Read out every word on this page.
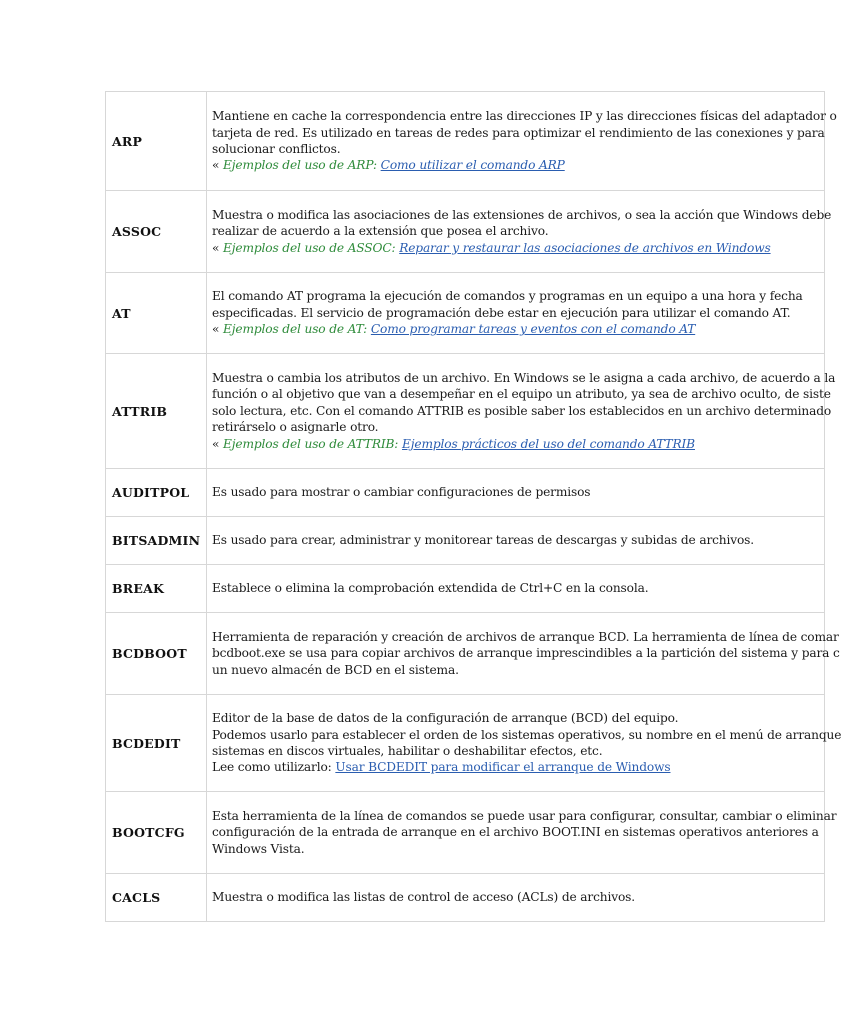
ARP	Mantiene en cache la correspondencia entre las direcciones IP y las direcciones físicas del adaptador o
tarjeta de red. Es utilizado en tareas de redes para optimizar el rendimiento de las conexiones y para
solucionar conflictos.
« Ejemplos del uso de ARP: Como utilizar el comando ARP

ASSOC	Muestra o modifica las asociaciones de las extensiones de archivos, o sea la acción que Windows debe
realizar de acuerdo a la extensión que posea el archivo.
« Ejemplos del uso de ASSOC: Reparar y restaurar las asociaciones de archivos en Windows

AT	El comando AT programa la ejecución de comandos y programas en un equipo a una hora y fecha
especificadas. El servicio de programación debe estar en ejecución para utilizar el comando AT.
« Ejemplos del uso de AT: Como programar tareas y eventos con el comando AT

ATTRIB	Muestra o cambia los atributos de un archivo. En Windows se le asigna a cada archivo, de acuerdo a la
función o al objetivo que van a desempeñar en el equipo un atributo, ya sea de archivo oculto, de siste
solo lectura, etc. Con el comando ATTRIB es posible saber los establecidos en un archivo determinado
retirárselo o asignarle otro.
« Ejemplos del uso de ATTRIB: Ejemplos prácticos del uso del comando ATTRIB

AUDITPOL	Es usado para mostrar o cambiar configuraciones de permisos

BITSADMIN	Es usado para crear, administrar y monitorear tareas de descargas y subidas de archivos.

BREAK	Establece o elimina la comprobación extendida de Ctrl+C en la consola.

BCDBOOT	Herramienta de reparación y creación de archivos de arranque BCD. La herramienta de línea de comar
bcdboot.exe se usa para copiar archivos de arranque imprescindibles a la partición del sistema y para c
un nuevo almacén de BCD en el sistema.

BCDEDIT	Editor de la base de datos de la configuración de arranque (BCD) del equipo.
Podemos usarlo para establecer el orden de los sistemas operativos, su nombre en el menú de arranque
sistemas en discos virtuales, habilitar o deshabilitar efectos, etc.
Lee como utilizarlo: Usar BCDEDIT para modificar el arranque de Windows

BOOTCFG	Esta herramienta de la línea de comandos se puede usar para configurar, consultar, cambiar o eliminar
configuración de la entrada de arranque en el archivo BOOT.INI en sistemas operativos anteriores a
Windows Vista.

CACLS	Muestra o modifica las listas de control de acceso (ACLs) de archivos.
